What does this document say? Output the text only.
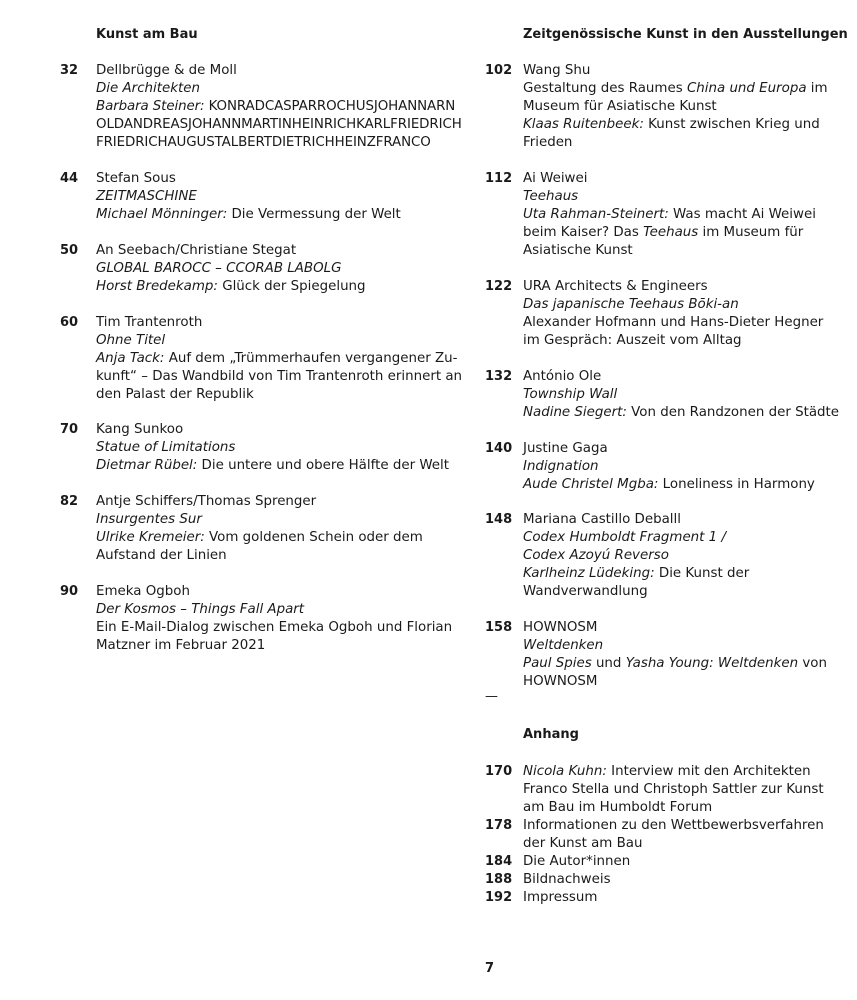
Kunst am Bau
32 Dellbrügge & de Moll
Die Architekten
Barbara Steiner: KONRADCASPARROCHUSJOHANNARN
OLDANDREASJOHANNMARTINHEINRICHKARLFRIEDRICH
FRIEDRICHAUGUSTALBERTDIETRICHHEINZFRANCO
44 Stefan Sous
ZEITMASCHINE
Michael Mönninger: Die Vermessung der Welt
50 An Seebach/Christiane Stegat
GLOBAL BAROCC – CCORAB LABOLG
Horst Bredekamp: Glück der Spiegelung
60 Tim Trantenroth
Ohne Titel
Anja Tack: Auf dem „Trümmerhaufen vergangener Zu-
kunft“ – Das Wandbild von Tim Trantenroth erinnert an
den Palast der Republik
70 Kang Sunkoo
Statue of Limitations
Dietmar Rübel: Die untere und obere Hälfte der Welt
82 Antje Schiffers/Thomas Sprenger
Insurgentes Sur
Ulrike Kremeier: Vom goldenen Schein oder dem
Aufstand der Linien
90 Emeka Ogboh
Der Kosmos – Things Fall Apart
Ein E-Mail-Dialog zwischen Emeka Ogboh und Florian
Matzner im Februar 2021
Zeitgenössische Kunst in den Ausstellungen
102 Wang Shu
Gestaltung des Raumes China und Europa im
Museum für Asiatische Kunst
Klaas Ruitenbeek: Kunst zwischen Krieg und
Frieden
112 Ai Weiwei
Teehaus
Uta Rahman-Steinert: Was macht Ai Weiwei
beim Kaiser? Das Teehaus im Museum für
Asiatische Kunst
122 URA Architects & Engineers
Das japanische Teehaus Bōki-an
Alexander Hofmann und Hans-Dieter Hegner
im Gespräch: Auszeit vom Alltag
132 António Ole
Township Wall
Nadine Siegert: Von den Randzonen der Städte
140 Justine Gaga
Indignation
Aude Christel Mgba: Loneliness in Harmony
148 Mariana Castillo Deballl
Codex Humboldt Fragment 1 /
Codex Azoyú Reverso
Karlheinz Lüdeking: Die Kunst der
Wandverwandlung
158 HOWNOSM
Weltdenken
Paul Spies und Yasha Young: Weltdenken von
HOWNOSM
—
Anhang
170 Nicola Kuhn: Interview mit den Architekten
Franco Stella und Christoph Sattler zur Kunst
am Bau im Humboldt Forum
178 Informationen zu den Wettbewerbsverfahren
der Kunst am Bau
184 Die Autor*innen
188 Bildnachweis
192 Impressum
7
